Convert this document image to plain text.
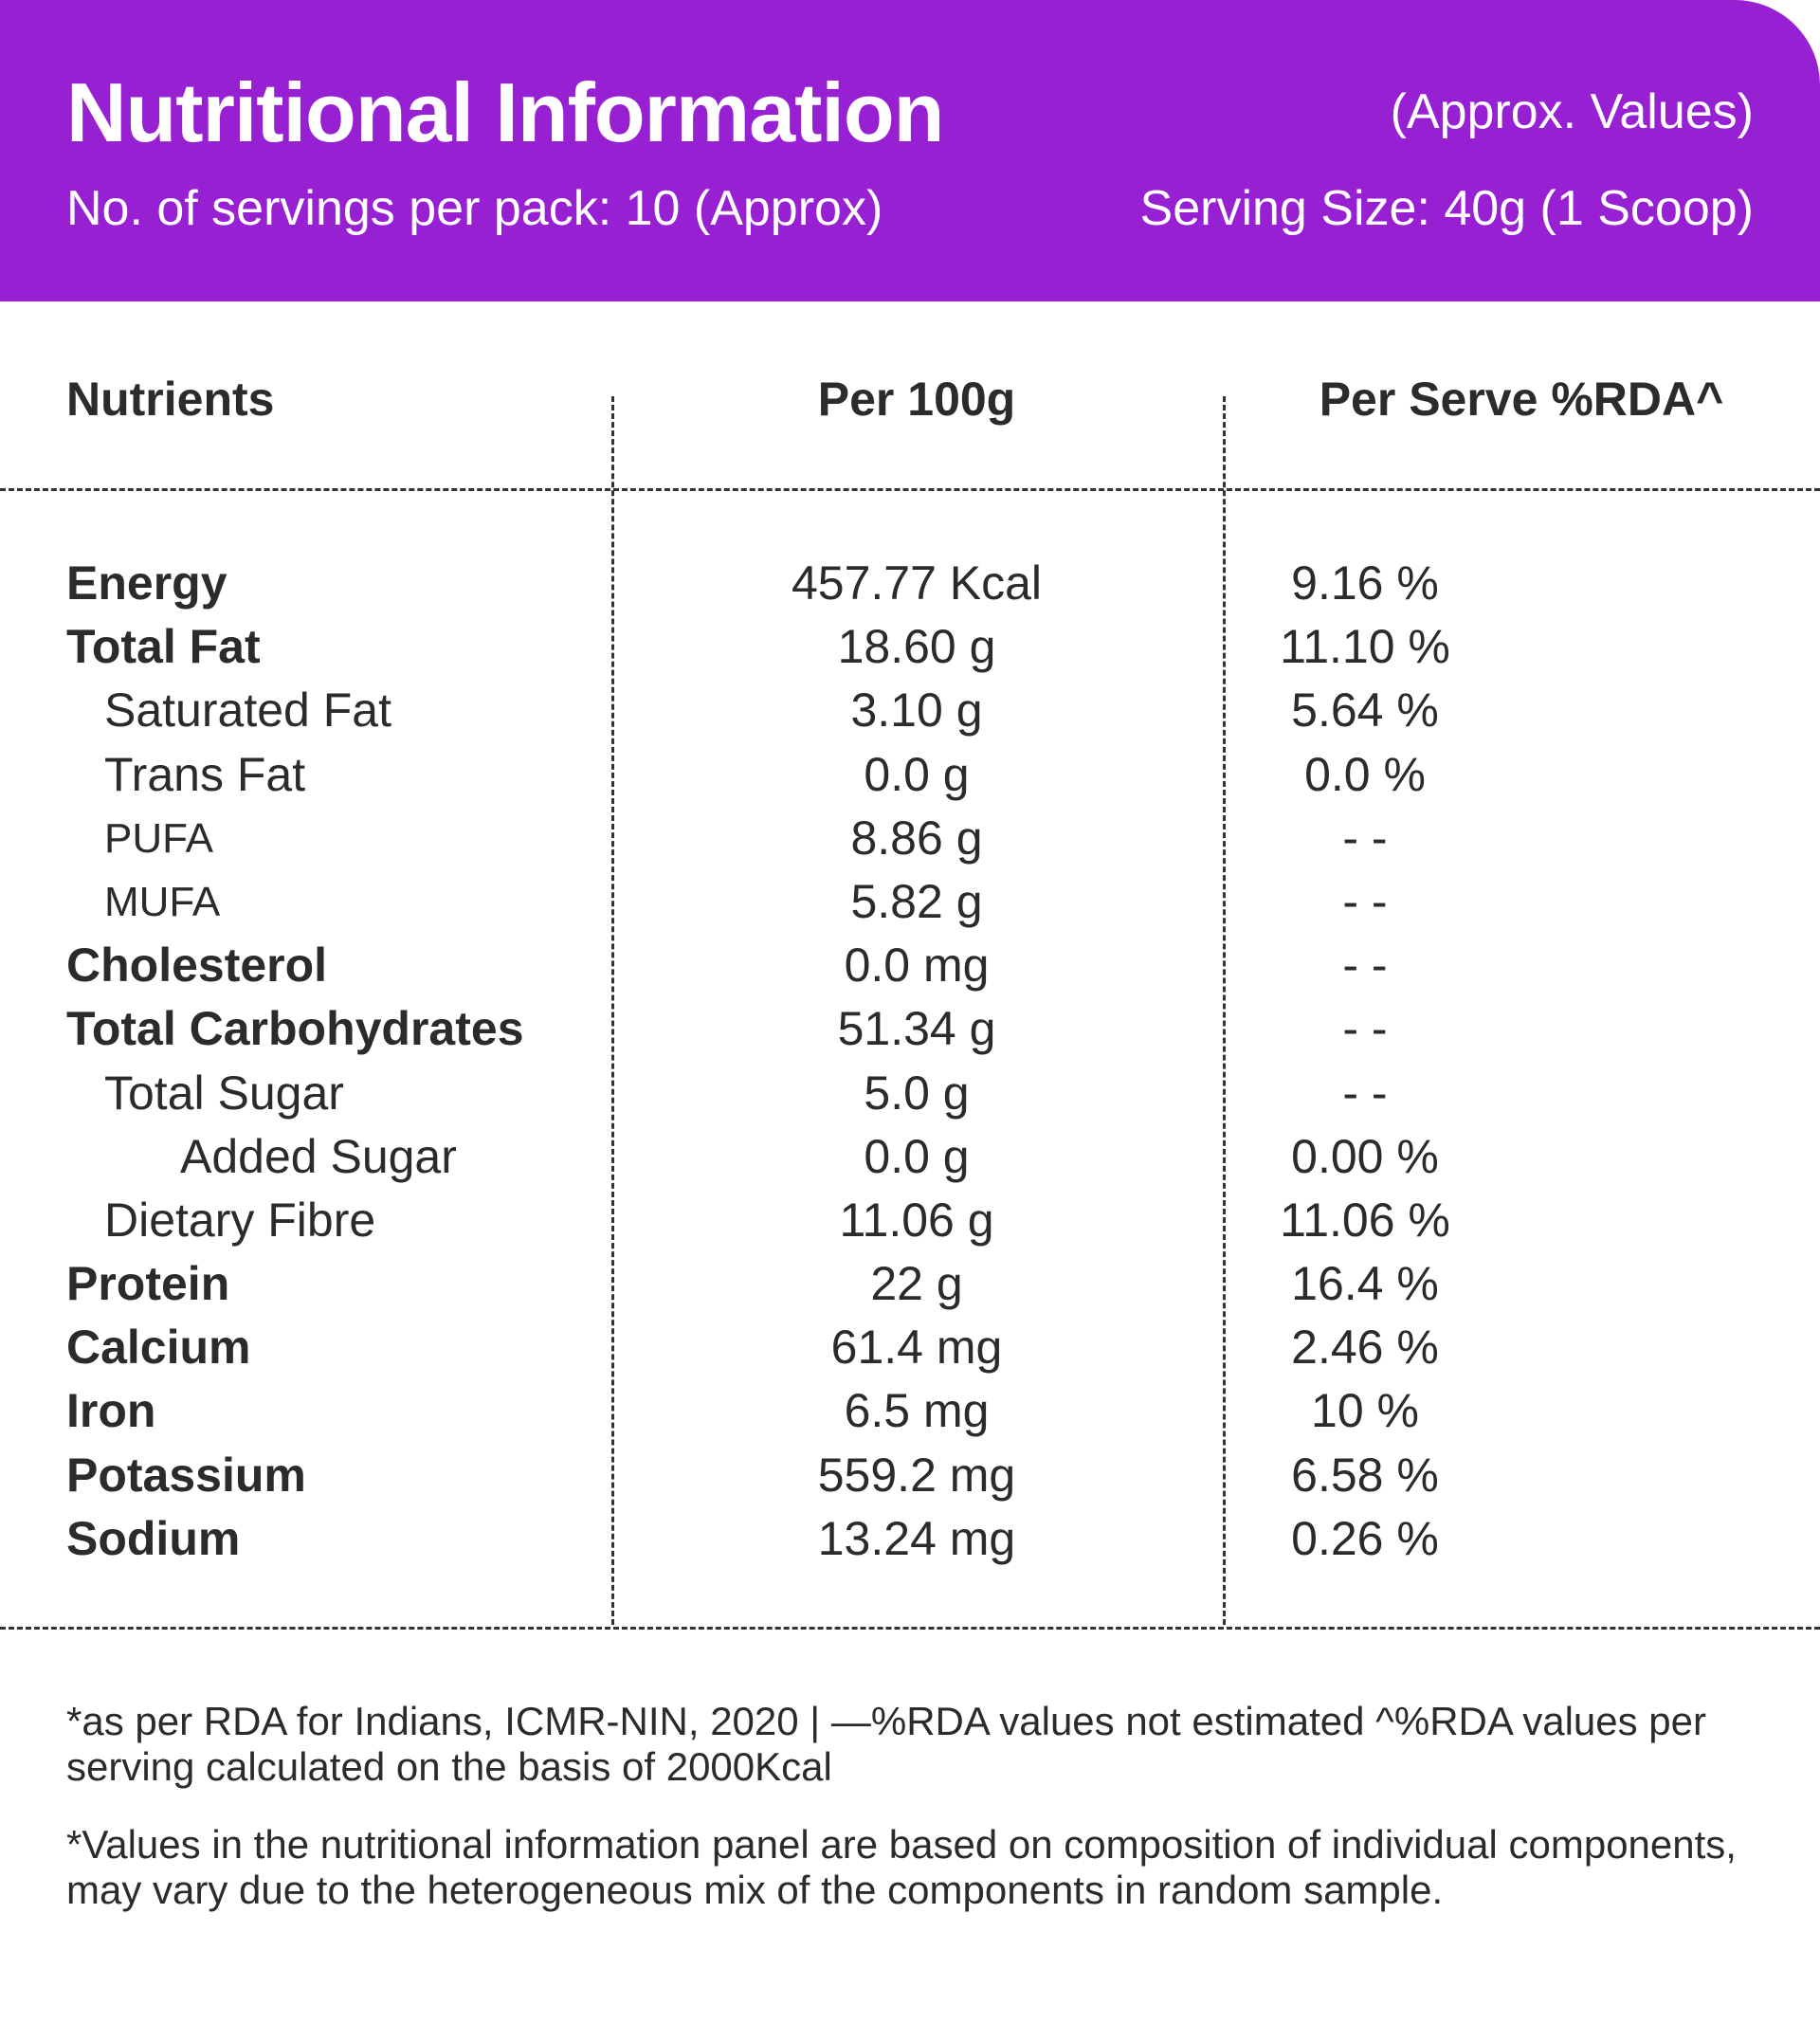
Nutritional Information	(Approx. Values)
No. of servings per pack: 10 (Approx)	Serving Size: 40g (1 Scoop)
Nutrients	Per 100g	Per Serve %RDA^
Energy	457.77 Kcal	9.16 %
Total Fat	18.60 g	11.10 %
Saturated Fat	3.10 g	5.64 %
Trans Fat	0.0 g	0.0 %
PUFA	8.86 g	- -
MUFA	5.82 g	- -
Cholesterol	0.0 mg	- -
Total Carbohydrates	51.34 g	- -
Total Sugar	5.0 g	- -
Added Sugar	0.0 g	0.00 %
Dietary Fibre	11.06 g	11.06 %
Protein	22 g	16.4 %
Calcium	61.4 mg	2.46 %
Iron	6.5 mg	10 %
Potassium	559.2 mg	6.58 %
Sodium	13.24 mg	0.26 %
*as per RDA for Indians, ICMR-NIN, 2020 | —%RDA values not estimated ^%RDA values per serving calculated on the basis of 2000Kcal
*Values in the nutritional information panel are based on composition of individual components, may vary due to the heterogeneous mix of the components in random sample.
